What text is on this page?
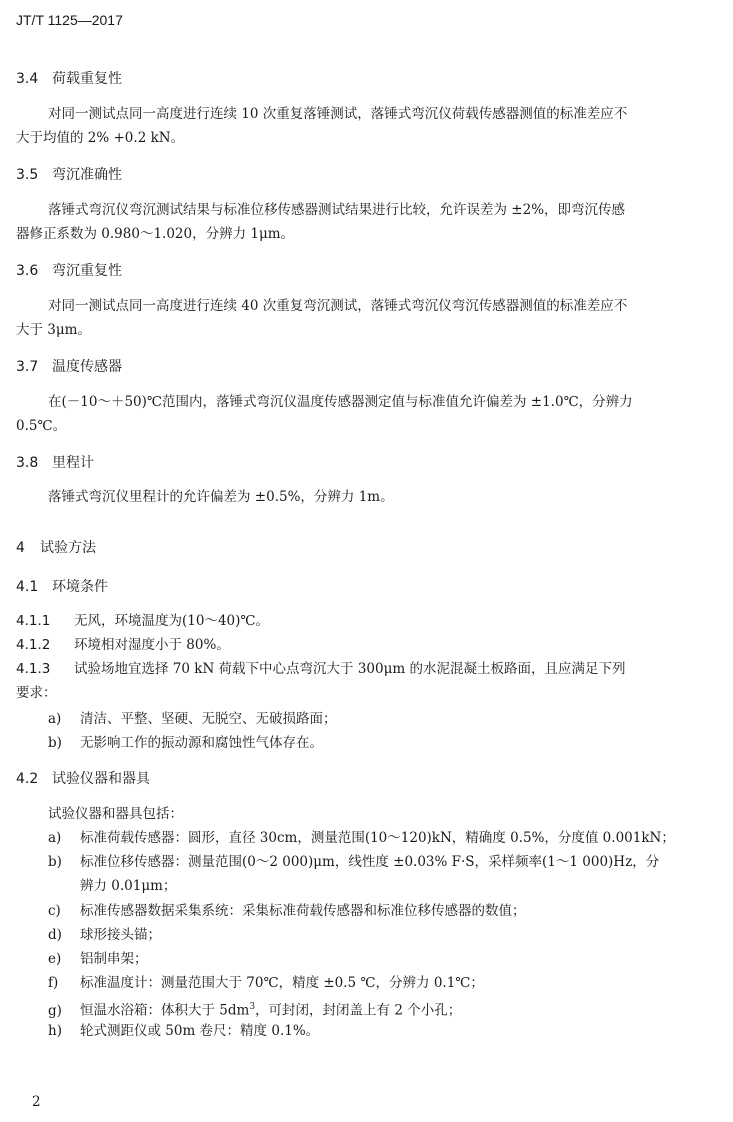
JT/T 1125—2017
3.4 荷载重复性
对同一测试点同一高度进行连续 10 次重复落锤测试，落锤式弯沉仪荷载传感器测值的标准差应不
大于均值的 2% +0.2 kN。
3.5 弯沉准确性
落锤式弯沉仪弯沉测试结果与标准位移传感器测试结果进行比较，允许误差为 ±2%，即弯沉传感
器修正系数为 0.980～1.020，分辨力 1μm。
3.6 弯沉重复性
对同一测试点同一高度进行连续 40 次重复弯沉测试，落锤式弯沉仪弯沉传感器测值的标准差应不
大于 3μm。
3.7 温度传感器
在(－10～＋50)℃范围内，落锤式弯沉仪温度传感器测定值与标准值允许偏差为 ±1.0℃，分辨力
0.5℃。
3.8 里程计
落锤式弯沉仪里程计的允许偏差为 ±0.5%，分辨力 1m。
4 试验方法
4.1 环境条件
4.1.1 无风，环境温度为(10～40)℃。
4.1.2 环境相对湿度小于 80%。
4.1.3 试验场地宜选择 70 kN 荷载下中心点弯沉大于 300μm 的水泥混凝土板路面，且应满足下列
要求：
a) 清洁、平整、坚硬、无脱空、无破损路面；
b) 无影响工作的振动源和腐蚀性气体存在。
4.2 试验仪器和器具
试验仪器和器具包括：
a) 标准荷载传感器：圆形，直径 30cm，测量范围(10～120)kN，精确度 0.5%，分度值 0.001kN；
b) 标准位移传感器：测量范围(0～2 000)μm，线性度 ±0.03% F·S，采样频率(1～1 000)Hz，分
辨力 0.01μm；
c) 标准传感器数据采集系统：采集标准荷载传感器和标准位移传感器的数值；
d) 球形接头锚；
e) 铝制串架；
f) 标准温度计：测量范围大于 70℃，精度 ±0.5 ℃，分辨力 0.1℃；
g) 恒温水浴箱：体积大于 $5dm^3$，可封闭，封闭盖上有 2 个小孔；
h) 轮式测距仪或 50m 卷尺：精度 0.1%。
2
